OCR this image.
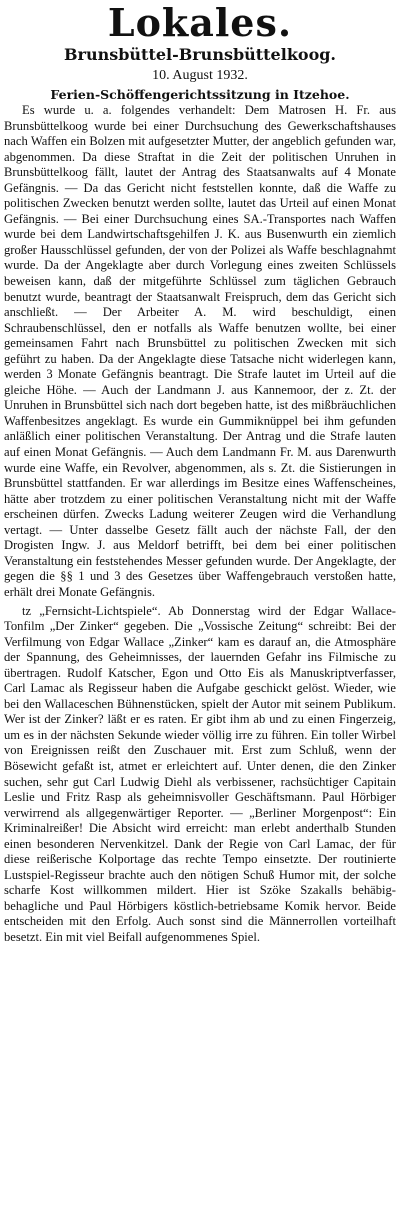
Lokales.
Brunsbüttel-Brunsbüttelkoog.
10. August 1932.
Ferien-Schöffengerichtssitzung in Itzehoe.

Es wurde u. a. folgendes verhandelt: Dem Matrosen H. Fr. aus Brunsbüttelkoog wurde bei einer Durchsuchung des Gewerkschaftshauses nach Waffen ein Bolzen mit aufgesetzter Mutter, der angeblich gefunden war, abgenommen. Da diese Straftat in die Zeit der politischen Unruhen in Brunsbüttelkoog fällt, lautet der Antrag des Staatsanwalts auf 4 Monate Gefängnis. — Da das Gericht nicht feststellen konnte, daß die Waffe zu politischen Zwecken benutzt werden sollte, lautet das Urteil auf einen Monat Gefängnis. — Bei einer Durchsuchung eines SA.-Transportes nach Waffen wurde bei dem Landwirtschaftsgehilfen J. K. aus Busenwurth ein ziemlich großer Hausschlüssel gefunden, der von der Polizei als Waffe beschlagnahmt wurde. Da der Angeklagte aber durch Vorlegung eines zweiten Schlüssels beweisen kann, daß der mitgeführte Schlüssel zum täglichen Gebrauch benutzt wurde, beantragt der Staatsanwalt Freispruch, dem das Gericht sich anschließt. — Der Arbeiter A. M. wird beschuldigt, einen Schraubenschlüssel, den er notfalls als Waffe benutzen wollte, bei einer gemeinsamen Fahrt nach Brunsbüttel zu politischen Zwecken mit sich geführt zu haben. Da der Angeklagte diese Tatsache nicht widerlegen kann, werden 3 Monate Gefängnis beantragt. Die Strafe lautet im Urteil auf die gleiche Höhe. — Auch der Landmann J. aus Kannemoor, der z. Zt. der Unruhen in Brunsbüttel sich nach dort begeben hatte, ist des mißbräuchlichen Waffenbesitzes angeklagt. Es wurde ein Gummiknüppel bei ihm gefunden anläßlich einer politischen Veranstaltung. Der Antrag und die Strafe lauten auf einen Monat Gefängnis. — Auch dem Landmann Fr. M. aus Darenwurth wurde eine Waffe, ein Revolver, abgenommen, als s. Zt. die Sistierungen in Brunsbüttel stattfanden. Er war allerdings im Besitze eines Waffenscheines, hätte aber trotzdem zu einer politischen Veranstaltung nicht mit der Waffe erscheinen dürfen. Zwecks Ladung weiterer Zeugen wird die Verhandlung vertagt. — Unter dasselbe Gesetz fällt auch der nächste Fall, der den Drogisten Ingw. J. aus Meldorf betrifft, bei dem bei einer politischen Veranstaltung ein feststehendes Messer gefunden wurde. Der Angeklagte, der gegen die §§ 1 und 3 des Gesetzes über Waffengebrauch verstoßen hatte, erhält drei Monate Gefängnis.

tz „Fernsicht-Lichtspiele“. Ab Donnerstag wird der Edgar Wallace-Tonfilm „Der Zinker“ gegeben. Die „Vossische Zeitung“ schreibt: Bei der Verfilmung von Edgar Wallace „Zinker“ kam es darauf an, die Atmosphäre der Spannung, des Geheimnisses, der lauernden Gefahr ins Filmische zu übertragen. Rudolf Katscher, Egon und Otto Eis als Manuskriptverfasser, Carl Lamac als Regisseur haben die Aufgabe geschickt gelöst. Wieder, wie bei den Wallaceschen Bühnenstücken, spielt der Autor mit seinem Publikum. Wer ist der Zinker? läßt er es raten. Er gibt ihm ab und zu einen Fingerzeig, um es in der nächsten Sekunde wieder völlig irre zu führen. Ein toller Wirbel von Ereignissen reißt den Zuschauer mit. Erst zum Schluß, wenn der Bösewicht gefaßt ist, atmet er erleichtert auf. Unter denen, die den Zinker suchen, sehr gut Carl Ludwig Diehl als verbissener, rachsüchtiger Capitain Leslie und Fritz Rasp als geheimnisvoller Geschäftsmann. Paul Hörbiger verwirrend als allgegenwärtiger Reporter. — „Berliner Morgenpost“: Ein Kriminalreißer! Die Absicht wird erreicht: man erlebt anderthalb Stunden einen besonderen Nervenkitzel. Dank der Regie von Carl Lamac, der für diese reißerische Kolportage das rechte Tempo einsetzte. Der routinierte Lustspiel-Regisseur brachte auch den nötigen Schuß Humor mit, der solche scharfe Kost willkommen mildert. Hier ist Szöke Szakalls behäbig-behagliche und Paul Hörbigers köstlich-betriebsame Komik hervor. Beide entscheiden mit den Erfolg. Auch sonst sind die Männerrollen vorteilhaft besetzt. Ein mit viel Beifall aufgenommenes Spiel.
